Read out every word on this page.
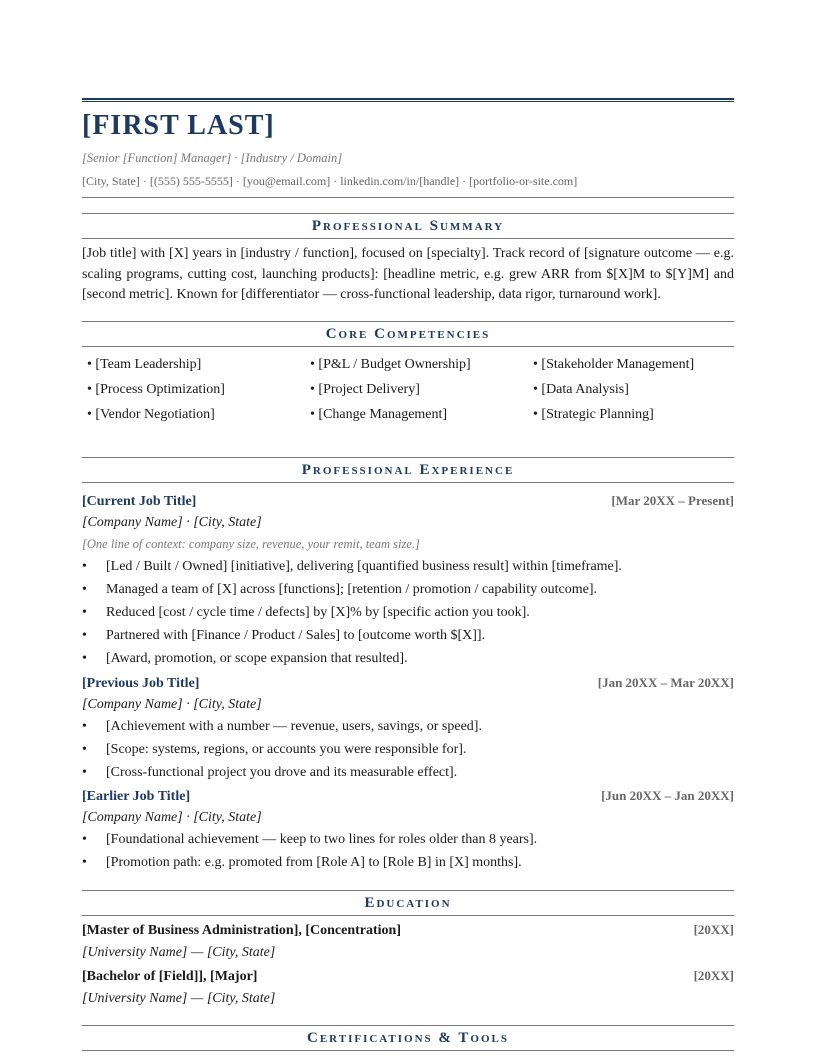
[FIRST LAST]
[Senior [Function] Manager] · [Industry / Domain]
[City, State] · [(555) 555-5555] · [you@email.com] · linkedin.com/in/[handle] · [portfolio-or-site.com]
Professional Summary

[Job title] with [X] years in [industry / function], focused on [specialty]. Track record of [signature outcome — e.g. scaling programs, cutting cost, launching products]: [headline metric, e.g. grew ARR from $[X]M to $[Y]M] and [second metric]. Known for [differentiator — cross-functional leadership, data rigor, turnaround work].

Core Competencies
• [Team Leadership]	• [P&L / Budget Ownership]	• [Stakeholder Management]
• [Process Optimization]	• [Project Delivery]	• [Data Analysis]
• [Vendor Negotiation]	• [Change Management]	• [Strategic Planning]
Professional Experience
[Current Job Title]	[Mar 20XX – Present]
[Company Name] · [City, State]
[One line of context: company size, revenue, your remit, team size.]
• [Led / Built / Owned] [initiative], delivering [quantified business result] within [timeframe].
• Managed a team of [X] across [functions]; [retention / promotion / capability outcome].
• Reduced [cost / cycle time / defects] by [X]% by [specific action you took].
• Partnered with [Finance / Product / Sales] to [outcome worth $[X]].
• [Award, promotion, or scope expansion that resulted].
[Previous Job Title]	[Jan 20XX – Mar 20XX]
[Company Name] · [City, State]
• [Achievement with a number — revenue, users, savings, or speed].
• [Scope: systems, regions, or accounts you were responsible for].
• [Cross-functional project you drove and its measurable effect].
[Earlier Job Title]	[Jun 20XX – Jan 20XX]
[Company Name] · [City, State]
• [Foundational achievement — keep to two lines for roles older than 8 years].
• [Promotion path: e.g. promoted from [Role A] to [Role B] in [X] months].
Education
[Master of Business Administration], [Concentration]	[20XX]
[University Name] — [City, State]
[Bachelor of [Field]], [Major]	[20XX]
[University Name] — [City, State]
Certifications & Tools
